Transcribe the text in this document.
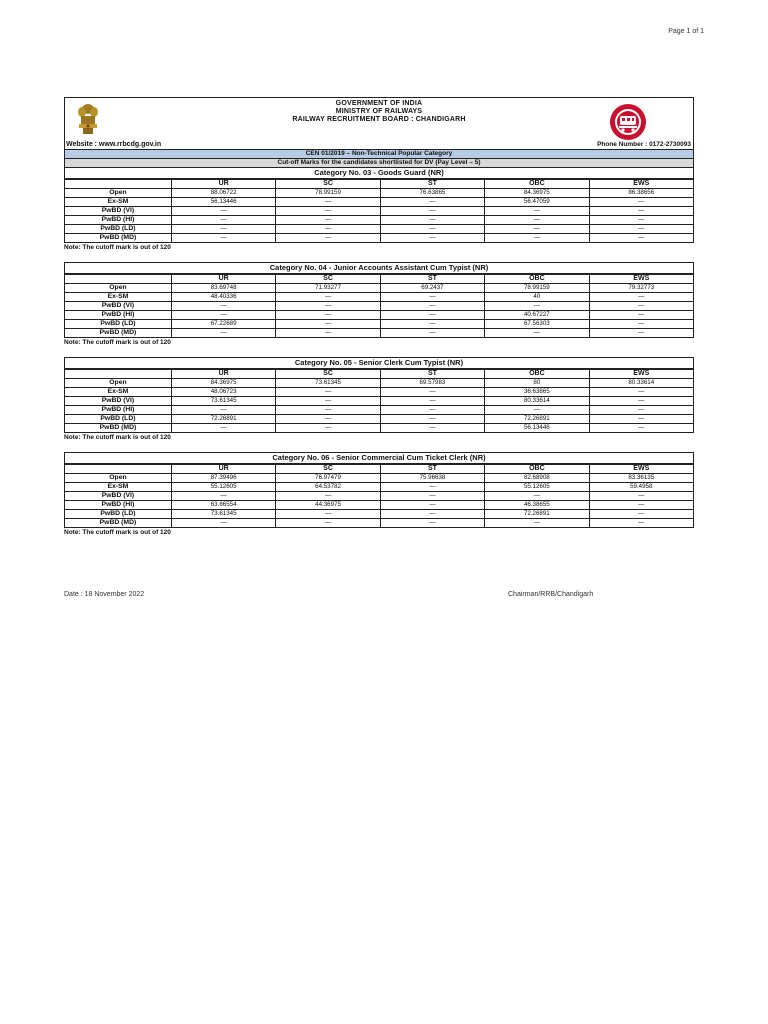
Page 1 of 1
GOVERNMENT OF INDIA
MINISTRY OF RAILWAYS
RAILWAY RECRUITMENT BOARD : CHANDIGARH
Website : www.rrbcdg.gov.in	Phone Number : 0172-2730093
CEN 01/2019 – Non-Technical Popular Category
Cut-off Marks for the candidates shortlisted for DV (Pay Level – 5)
Category No. 03 - Goods Guard (NR)
	UR	SC	ST	OBC	EWS
Open	88.06722	78.99159	76.63865	84.36975	86.38656
Ex-SM	56.13446	—	—	56.47059	—
PwBD (VI)	—	—	—	—	—
PwBD (HI)	—	—	—	—	—
PwBD (LD)	—	—	—	—	—
PwBD (MD)	—	—	—	—	—
Note: The cutoff mark is out of 120
Category No. 04 - Junior Accounts Assistant Cum Typist (NR)
	UR	SC	ST	OBC	EWS
Open	83.69748	71.93277	69.2437	78.99159	79.32773
Ex-SM	48.40336	—	—	40	—
PwBD (VI)	—	—	—	—	—
PwBD (HI)	—	—	—	40.67227	—
PwBD (LD)	67.22689	—	—	67.56303	—
PwBD (MD)	—	—	—	—	—
Note: The cutoff mark is out of 120
Category No. 05 - Senior Clerk Cum Typist (NR)
	UR	SC	ST	OBC	EWS
Open	84.36975	73.61345	69.57983	80	80.33614
Ex-SM	48.06723	—	—	36.63865	—
PwBD (VI)	73.61345	—	—	80.33614	—
PwBD (HI)	—	—	—	—	—
PwBD (LD)	72.26891	—	—	72.26891	—
PwBD (MD)	—	—	—	56.13446	—
Note: The cutoff mark is out of 120
Category No. 06 - Senior Commercial Cum Ticket Clerk (NR)
	UR	SC	ST	OBC	EWS
Open	87.39496	76.97479	75.96638	82.68908	83.36135
Ex-SM	55.12605	64.53782	—	55.12605	59.4958
PwBD (VI)	—	—	—	—	—
PwBD (HI)	63.86554	44.36975	—	46.38655	—
PwBD (LD)	73.61345	—	—	72.26891	—
PwBD (MD)	—	—	—	—	—
Note: The cutoff mark is out of 120
Date : 18 November 2022	Chairman/RRB/Chandigarh
